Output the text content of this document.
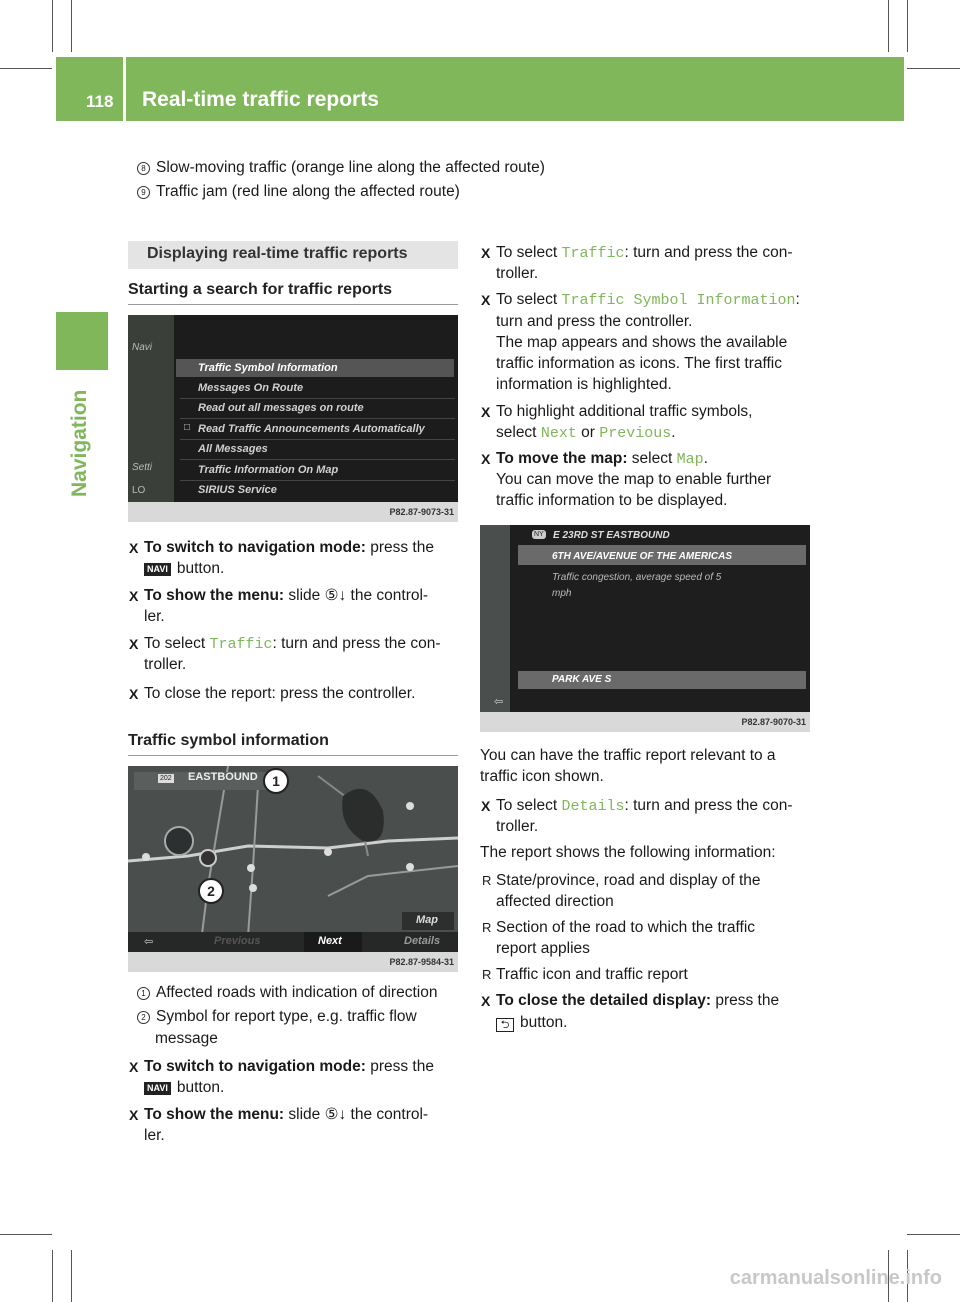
118 Real-time traffic reports
Navigation
8 Slow-moving traffic (orange line along the affected route)
9 Traffic jam (red line along the affected route)
Displaying real-time traffic reports
Starting a search for traffic reports
Navi
Setti
LO
Traffic Symbol Information
Messages On Route
Read out all messages on route
□ Read Traffic Announcements Automatically
All Messages
Traffic Information On Map
SIRIUS Service
P82.87-9073-31
X To switch to navigation mode: press the
NAVI button.
X To show the menu: slide ⑤↓ the control-
ler.
X To select Traffic: turn and press the con-
troller.
X To close the report: press the controller.
Traffic symbol information
202 EASTBOUND	1
2
Map
⇦	Previous	Next	Details
P82.87-9584-31
1 Affected roads with indication of direction
2 Symbol for report type, e.g. traffic flow
message
X To switch to navigation mode: press the
NAVI button.
X To show the menu: slide ⑤↓ the control-
ler.
X To select Traffic: turn and press the con-
troller.
X To select Traffic Symbol Information:
turn and press the controller.
The map appears and shows the available
traffic information as icons. The first traffic
information is highlighted.
X To highlight additional traffic symbols,
select Next or Previous.
X To move the map: select Map.
You can move the map to enable further
traffic information to be displayed.
NY E 23RD ST EASTBOUND
6TH AVE/AVENUE OF THE AMERICAS
Traffic congestion, average speed of 5
mph
PARK AVE S
⇦
P82.87-9070-31
You can have the traffic report relevant to a
traffic icon shown.
X To select Details: turn and press the con-
troller.
The report shows the following information:
R State/province, road and display of the
affected direction
R Section of the road to which the traffic
report applies
R Traffic icon and traffic report
X To close the detailed display: press the
⮌ button.
carmanualsonline.info
